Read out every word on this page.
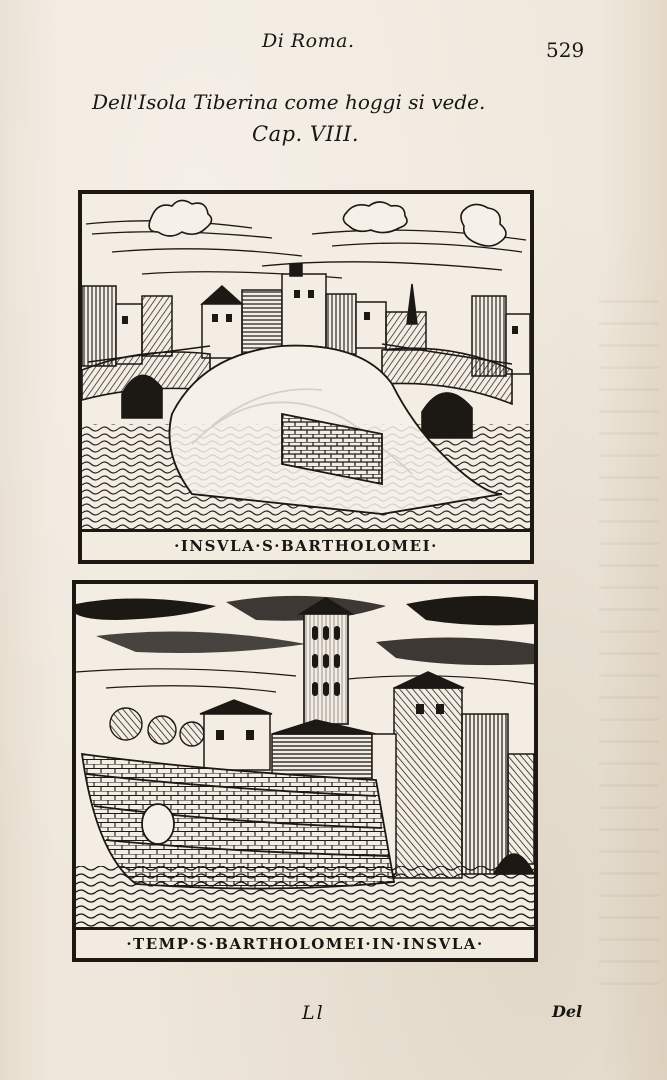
Di Roma.	529
Dell'Isola Tiberina come hoggi si vede.
Cap. VIII.
·INSVLA·S·BARTHOLOMEI·
·TEMP·S·BARTHOLOMEI·IN·INSVLA·
Ll	Del
